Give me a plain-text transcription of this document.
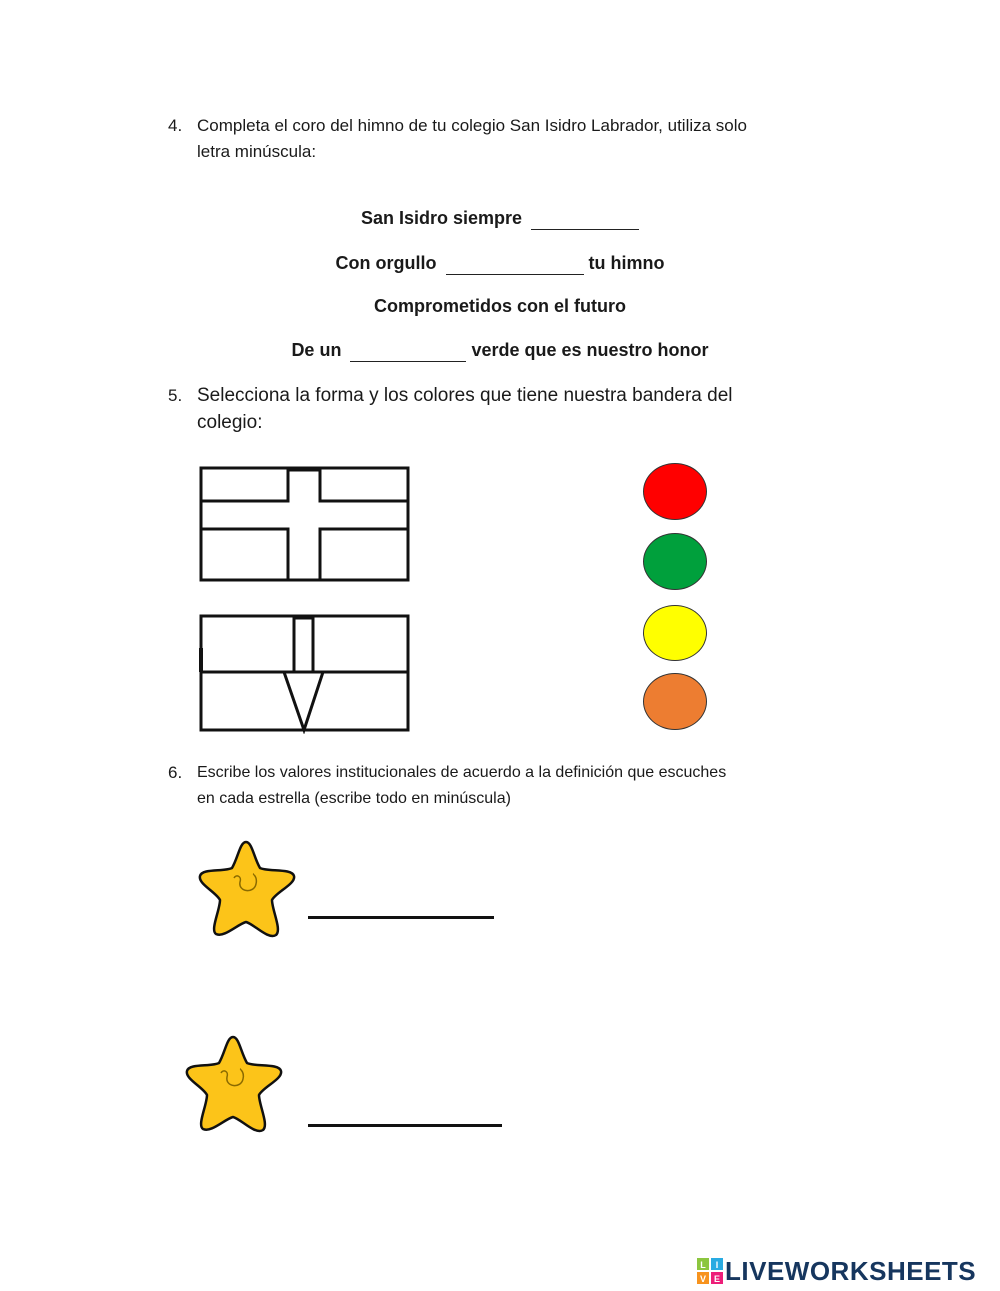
4. Completa el coro del himno de tu colegio San Isidro Labrador, utiliza solo
letra minúscula:
San Isidro siempre
Con orgullo	tu himno
Comprometidos con el futuro
De un	verde que es nuestro honor
5. Selecciona la forma y los colores que tiene nuestra bandera del
colegio:
6. Escribe los valores institucionales de acuerdo a la definición que escuches
en cada estrella (escribe todo en minúscula)
L I
V E LIVEWORKSHEETS
